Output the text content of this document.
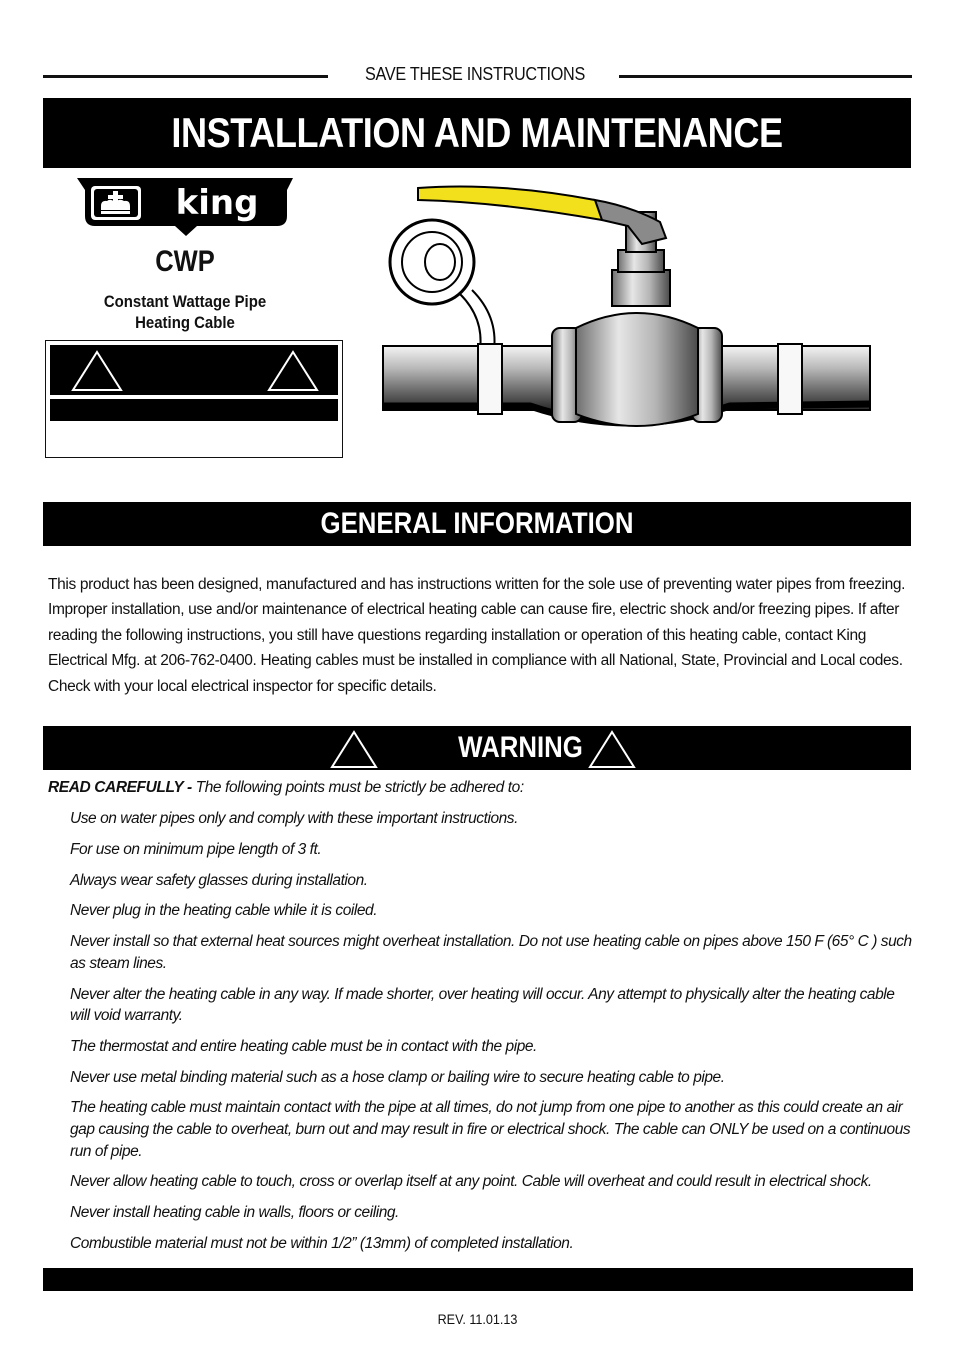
SAVE THESE INSTRUCTIONS
INSTALLATION AND MAINTENANCE
king
CWP
Constant Wattage Pipe
Heating Cable
GENERAL INFORMATION
This product has been designed, manufactured and has instructions written for the sole use of preventing water pipes from freezing. Improper installation, use and/or maintenance of electrical heating cable can cause fire, electric shock and/or freezing pipes. If after reading the following instructions, you still have questions regarding installation or operation of this heating cable, contact King Electrical Mfg. at 206-762-0400. Heating cables must be installed in compliance with all National, State, Provincial and Local codes. Check with your local electrical inspector for specific details.
WARNING
READ CAREFULLY - The following points must be strictly be adhered to:
Use on water pipes only and comply with these important instructions.
For use on minimum pipe length of 3 ft.
Always wear safety glasses during installation.
Never plug in the heating cable while it is coiled.
Never install so that external heat sources might overheat installation. Do not use heating cable on pipes above 150 F (65° C ) such as steam lines.
Never alter the heating cable in any way. If made shorter, over heating will occur. Any attempt to physically alter the heating cable will void warranty.
The thermostat and entire heating cable must be in contact with the pipe.
Never use metal binding material such as a hose clamp or bailing wire to secure heating cable to pipe.
The heating cable must maintain contact with the pipe at all times, do not jump from one pipe to another as this could create an air gap causing the cable to overheat, burn out and may result in fire or electrical shock. The cable can ONLY be used on a continuous run of pipe.
Never allow heating cable to touch, cross or overlap itself at any point. Cable will overheat and could result in electrical shock.
Never install heating cable in walls, floors or ceiling.
Combustible material must not be within 1/2” (13mm) of completed installation.
REV. 11.01.13
